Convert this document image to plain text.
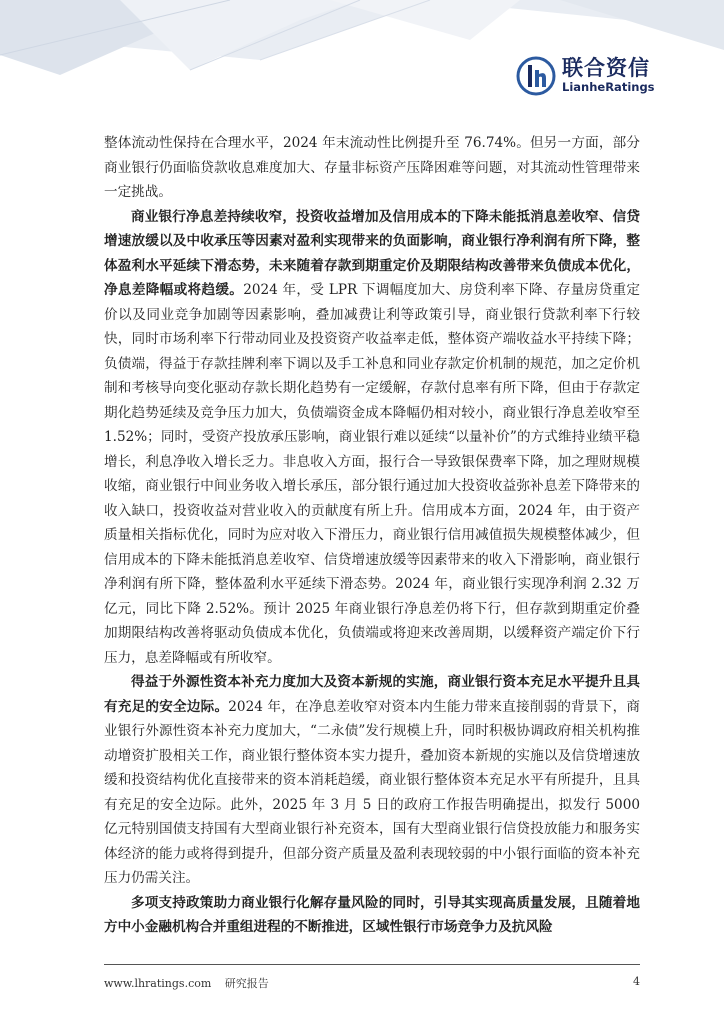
联合资信
LianheRatings

整体流动性保持在合理水平，2024 年末流动性比例提升至 76.74%。但另一方面，部分商业银行仍面临贷款收息难度加大、存量非标资产压降困难等问题，对其流动性管理带来一定挑战。

商业银行净息差持续收窄，投资收益增加及信用成本的下降未能抵消息差收窄、信贷增速放缓以及中收承压等因素对盈利实现带来的负面影响，商业银行净利润有所下降，整体盈利水平延续下滑态势，未来随着存款到期重定价及期限结构改善带来负债成本优化，净息差降幅或将趋缓。2024 年，受 LPR 下调幅度加大、房贷利率下降、存量房贷重定价以及同业竞争加剧等因素影响，叠加减费让利等政策引导，商业银行贷款利率下行较快，同时市场利率下行带动同业及投资资产收益率走低，整体资产端收益水平持续下降；负债端，得益于存款挂牌利率下调以及手工补息和同业存款定价机制的规范，加之定价机制和考核导向变化驱动存款长期化趋势有一定缓解，存款付息率有所下降，但由于存款定期化趋势延续及竞争压力加大，负债端资金成本降幅仍相对较小，商业银行净息差收窄至 1.52%；同时，受资产投放承压影响，商业银行难以延续“以量补价”的方式维持业绩平稳增长，利息净收入增长乏力。非息收入方面，报行合一导致银保费率下降，加之理财规模收缩，商业银行中间业务收入增长承压，部分银行通过加大投资收益弥补息差下降带来的收入缺口，投资收益对营业收入的贡献度有所上升。信用成本方面，2024 年，由于资产质量相关指标优化，同时为应对收入下滑压力，商业银行信用减值损失规模整体减少，但信用成本的下降未能抵消息差收窄、信贷增速放缓等因素带来的收入下滑影响，商业银行净利润有所下降，整体盈利水平延续下滑态势。2024 年，商业银行实现净利润 2.32 万亿元，同比下降 2.52%。预计 2025 年商业银行净息差仍将下行，但存款到期重定价叠加期限结构改善将驱动负债成本优化，负债端或将迎来改善周期，以缓释资产端定价下行压力，息差降幅或有所收窄。

得益于外源性资本补充力度加大及资本新规的实施，商业银行资本充足水平提升且具有充足的安全边际。2024 年，在净息差收窄对资本内生能力带来直接削弱的背景下，商业银行外源性资本补充力度加大，“二永债”发行规模上升，同时积极协调政府相关机构推动增资扩股相关工作，商业银行整体资本实力提升，叠加资本新规的实施以及信贷增速放缓和投资结构优化直接带来的资本消耗趋缓，商业银行整体资本充足水平有所提升，且具有充足的安全边际。此外，2025 年 3 月 5 日的政府工作报告明确提出，拟发行 5000 亿元特别国债支持国有大型商业银行补充资本，国有大型商业银行信贷投放能力和服务实体经济的能力或将得到提升，但部分资产质量及盈利表现较弱的中小银行面临的资本补充压力仍需关注。

多项支持政策助力商业银行化解存量风险的同时，引导其实现高质量发展，且随着地方中小金融机构合并重组进程的不断推进，区域性银行市场竞争力及抗风险

www.lhratings.com 研究报告	4
